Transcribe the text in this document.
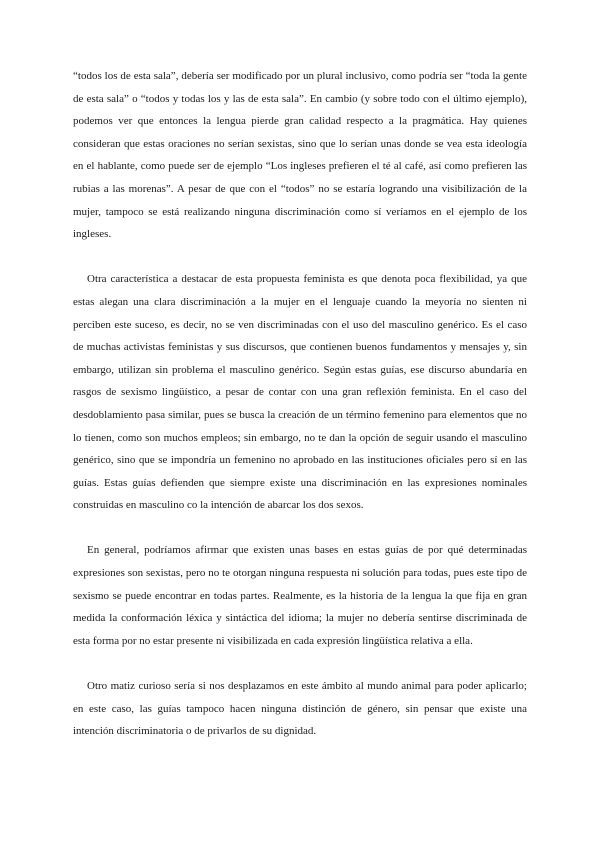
“todos los de esta sala”, debería ser modificado por un plural inclusivo, como podría ser “toda la gente de esta sala” o “todos y todas los y las de esta sala”. En cambio (y sobre todo con el último ejemplo), podemos ver que entonces la lengua pierde gran calidad respecto a la pragmática. Hay quienes consideran que estas oraciones no serían sexistas, sino que lo serían unas donde se vea esta ideología en el hablante, como puede ser de ejemplo “Los ingleses prefieren el té al café, así como prefieren las rubias a las morenas”. A pesar de que con el “todos” no se estaría logrando una visibilización de la mujer, tampoco se está realizando ninguna discriminación como sí veríamos en el ejemplo de los ingleses.

Otra característica a destacar de esta propuesta feminista es que denota poca flexibilidad, ya que estas alegan una clara discriminación a la mujer en el lenguaje cuando la meyoría no sienten ni perciben este suceso, es decir, no se ven discriminadas con el uso del masculino genérico. Es el caso de muchas activistas feministas y sus discursos, que contienen buenos fundamentos y mensajes y, sin embargo, utilizan sin problema el masculino genérico. Según estas guías, ese discurso abundaría en rasgos de sexismo lingüístico, a pesar de contar con una gran reflexión feminista. En el caso del desdoblamiento pasa similar, pues se busca la creación de un término femenino para elementos que no lo tienen, como son muchos empleos; sin embargo, no te dan la opción de seguir usando el masculino genérico, sino que se impondría un femenino no aprobado en las instituciones oficiales pero sí en las guías. Estas guías defienden que siempre existe una discriminación en las expresiones nominales construidas en masculino co la intención de abarcar los dos sexos.

En general, podríamos afirmar que existen unas bases en estas guías de por qué determinadas expresiones son sexistas, pero no te otorgan ninguna respuesta ni solución para todas, pues este tipo de sexismo se puede encontrar en todas partes. Realmente, es la historia de la lengua la que fija en gran medida la conformación léxica y sintáctica del idioma; la mujer no debería sentirse discriminada de esta forma por no estar presente ni visibilizada en cada expresión lingüística relativa a ella.

Otro matiz curioso sería si nos desplazamos en este ámbito al mundo animal para poder aplicarlo; en este caso, las guías tampoco hacen ninguna distinción de género, sin pensar que existe una intención discriminatoria o de privarlos de su dignidad.
